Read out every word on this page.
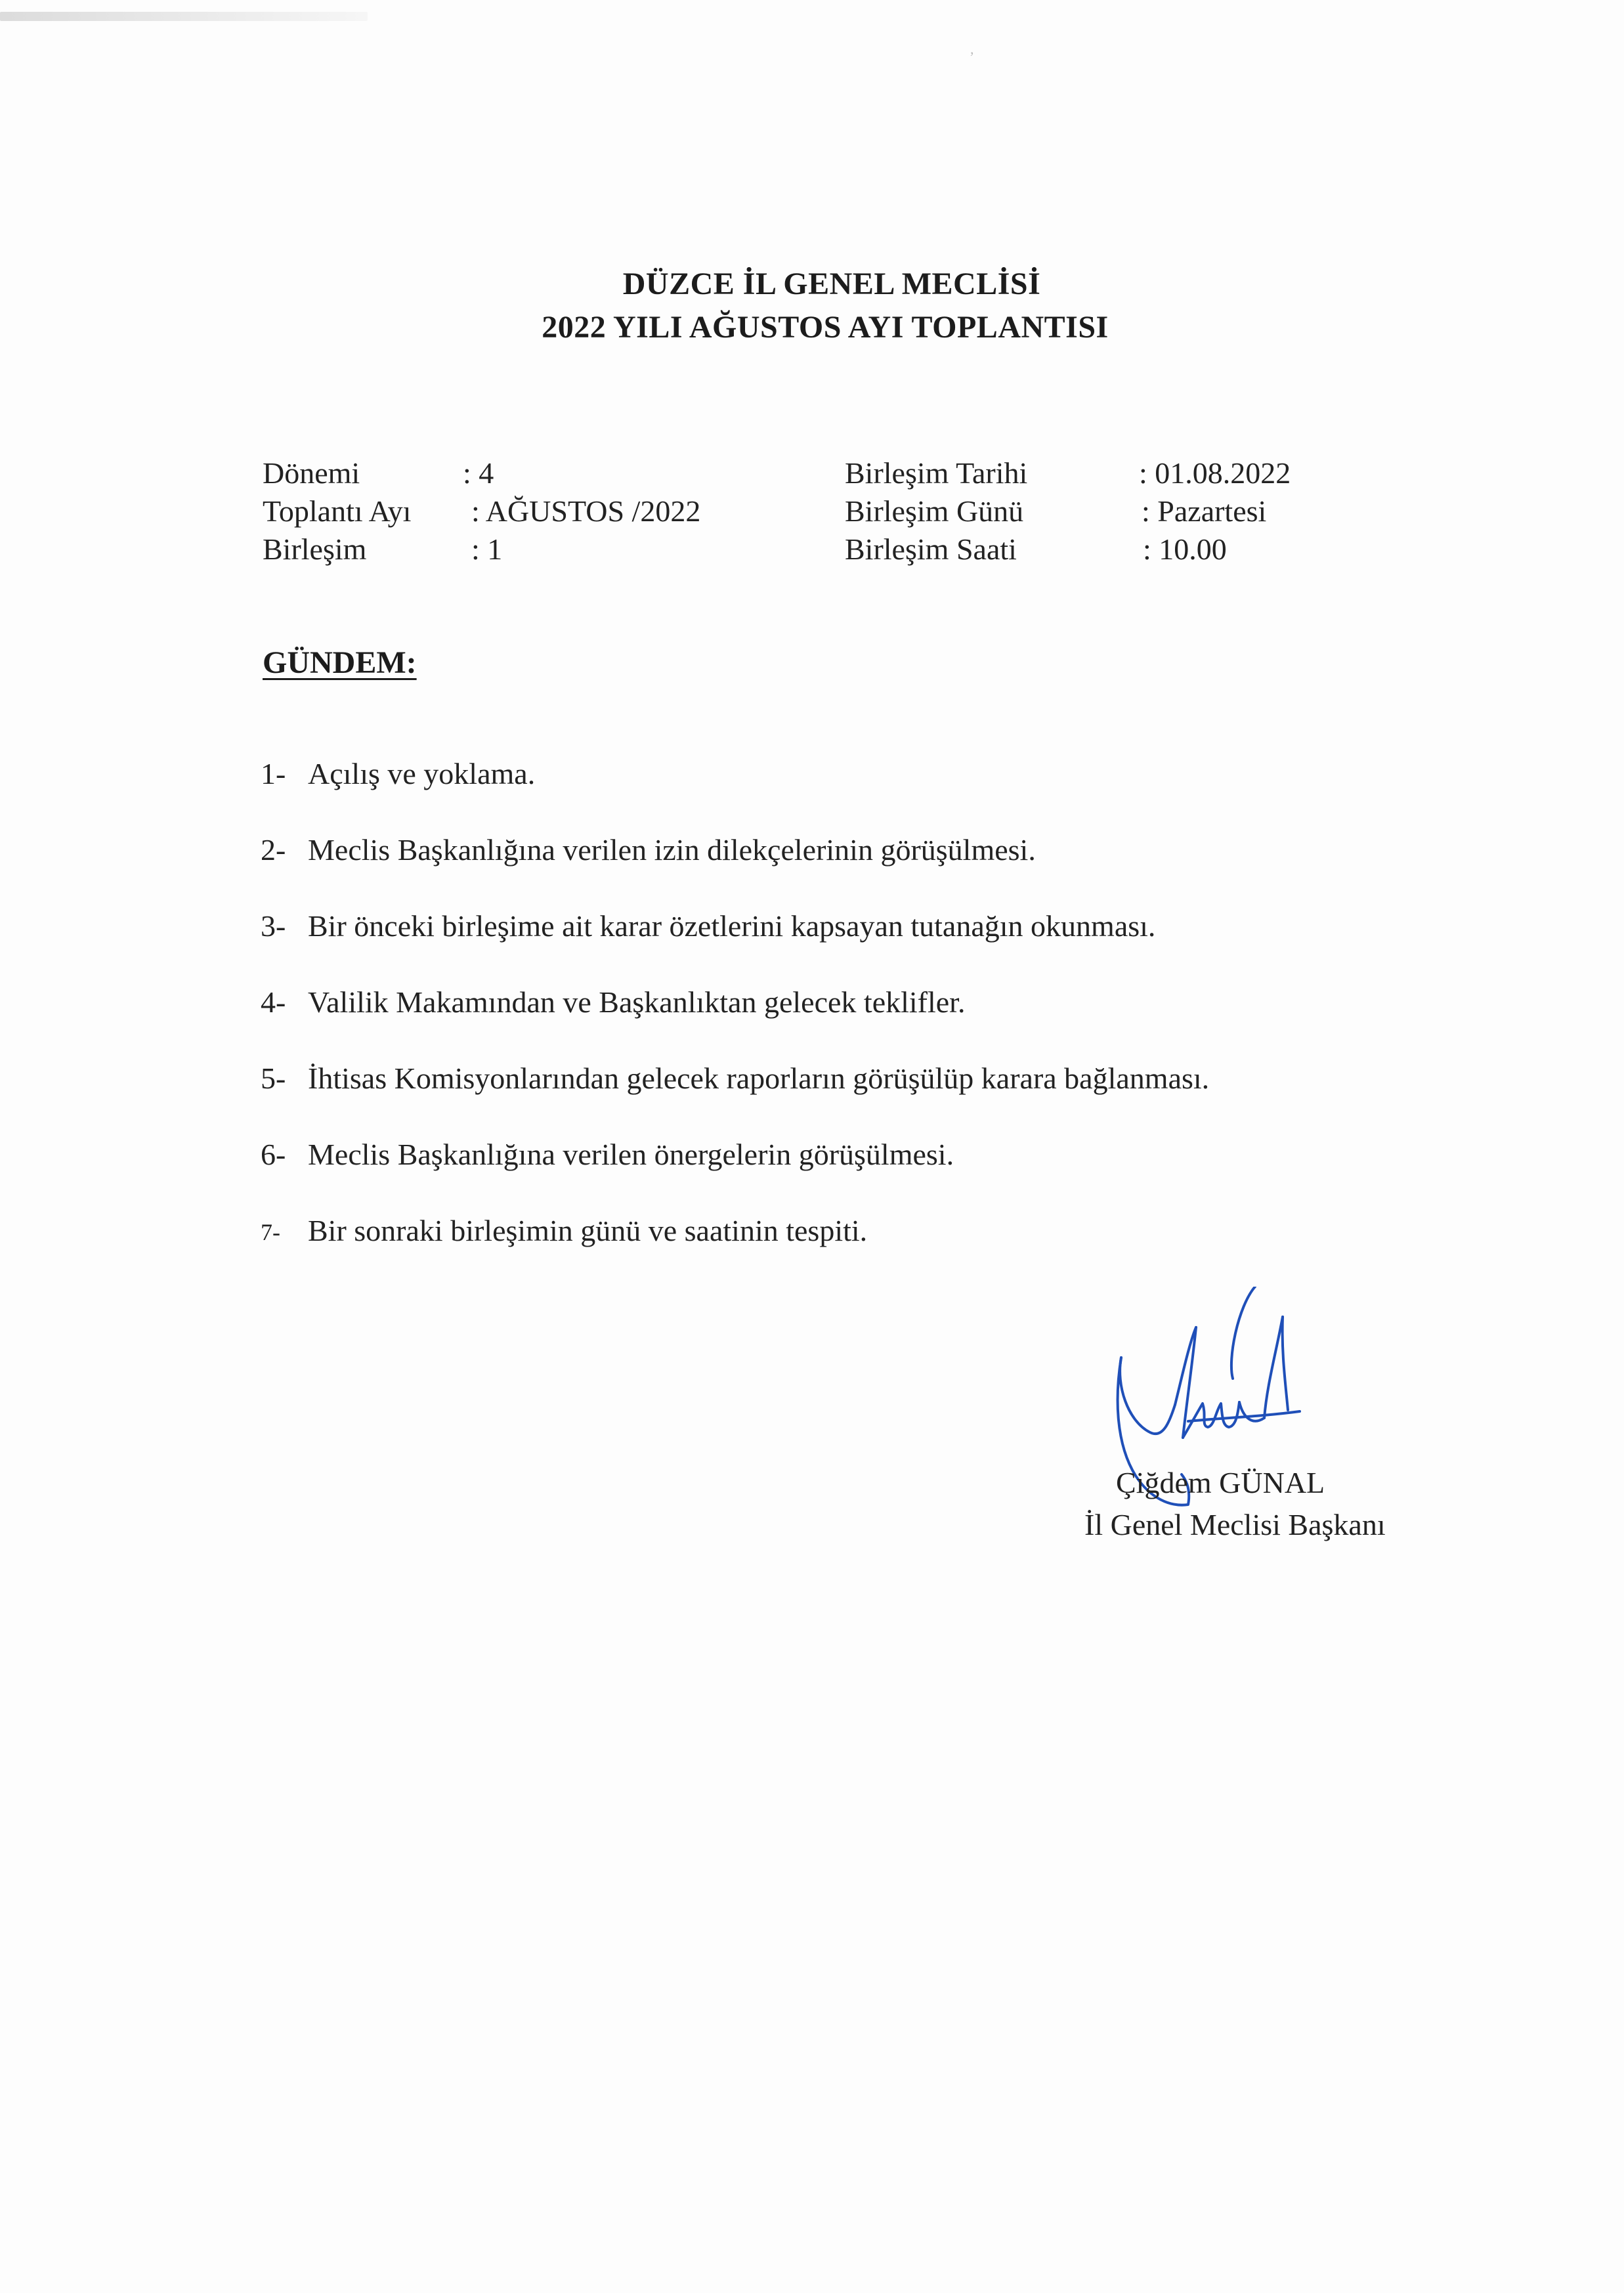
,
DÜZCE İL GENEL MECLİSİ
2022 YILI AĞUSTOS AYI TOPLANTISI
Dönemi	: 4
Toplantı Ayı : AĞUSTOS /2022
Birleşim	: 1
Birleşim Tarihi	: 01.08.2022
Birleşim Günü	: Pazartesi
Birleşim Saati	: 10.00
GÜNDEM:
1- Açılış ve yoklama.
2- Meclis Başkanlığına verilen izin dilekçelerinin görüşülmesi.
3- Bir önceki birleşime ait karar özetlerini kapsayan tutanağın okunması.
4- Valilik Makamından ve Başkanlıktan gelecek teklifler.
5- İhtisas Komisyonlarından gelecek raporların görüşülüp karara bağlanması.
6- Meclis Başkanlığına verilen önergelerin görüşülmesi.
7- Bir sonraki birleşimin günü ve saatinin tespiti.
Çiğdem GÜNAL
İl Genel Meclisi Başkanı
